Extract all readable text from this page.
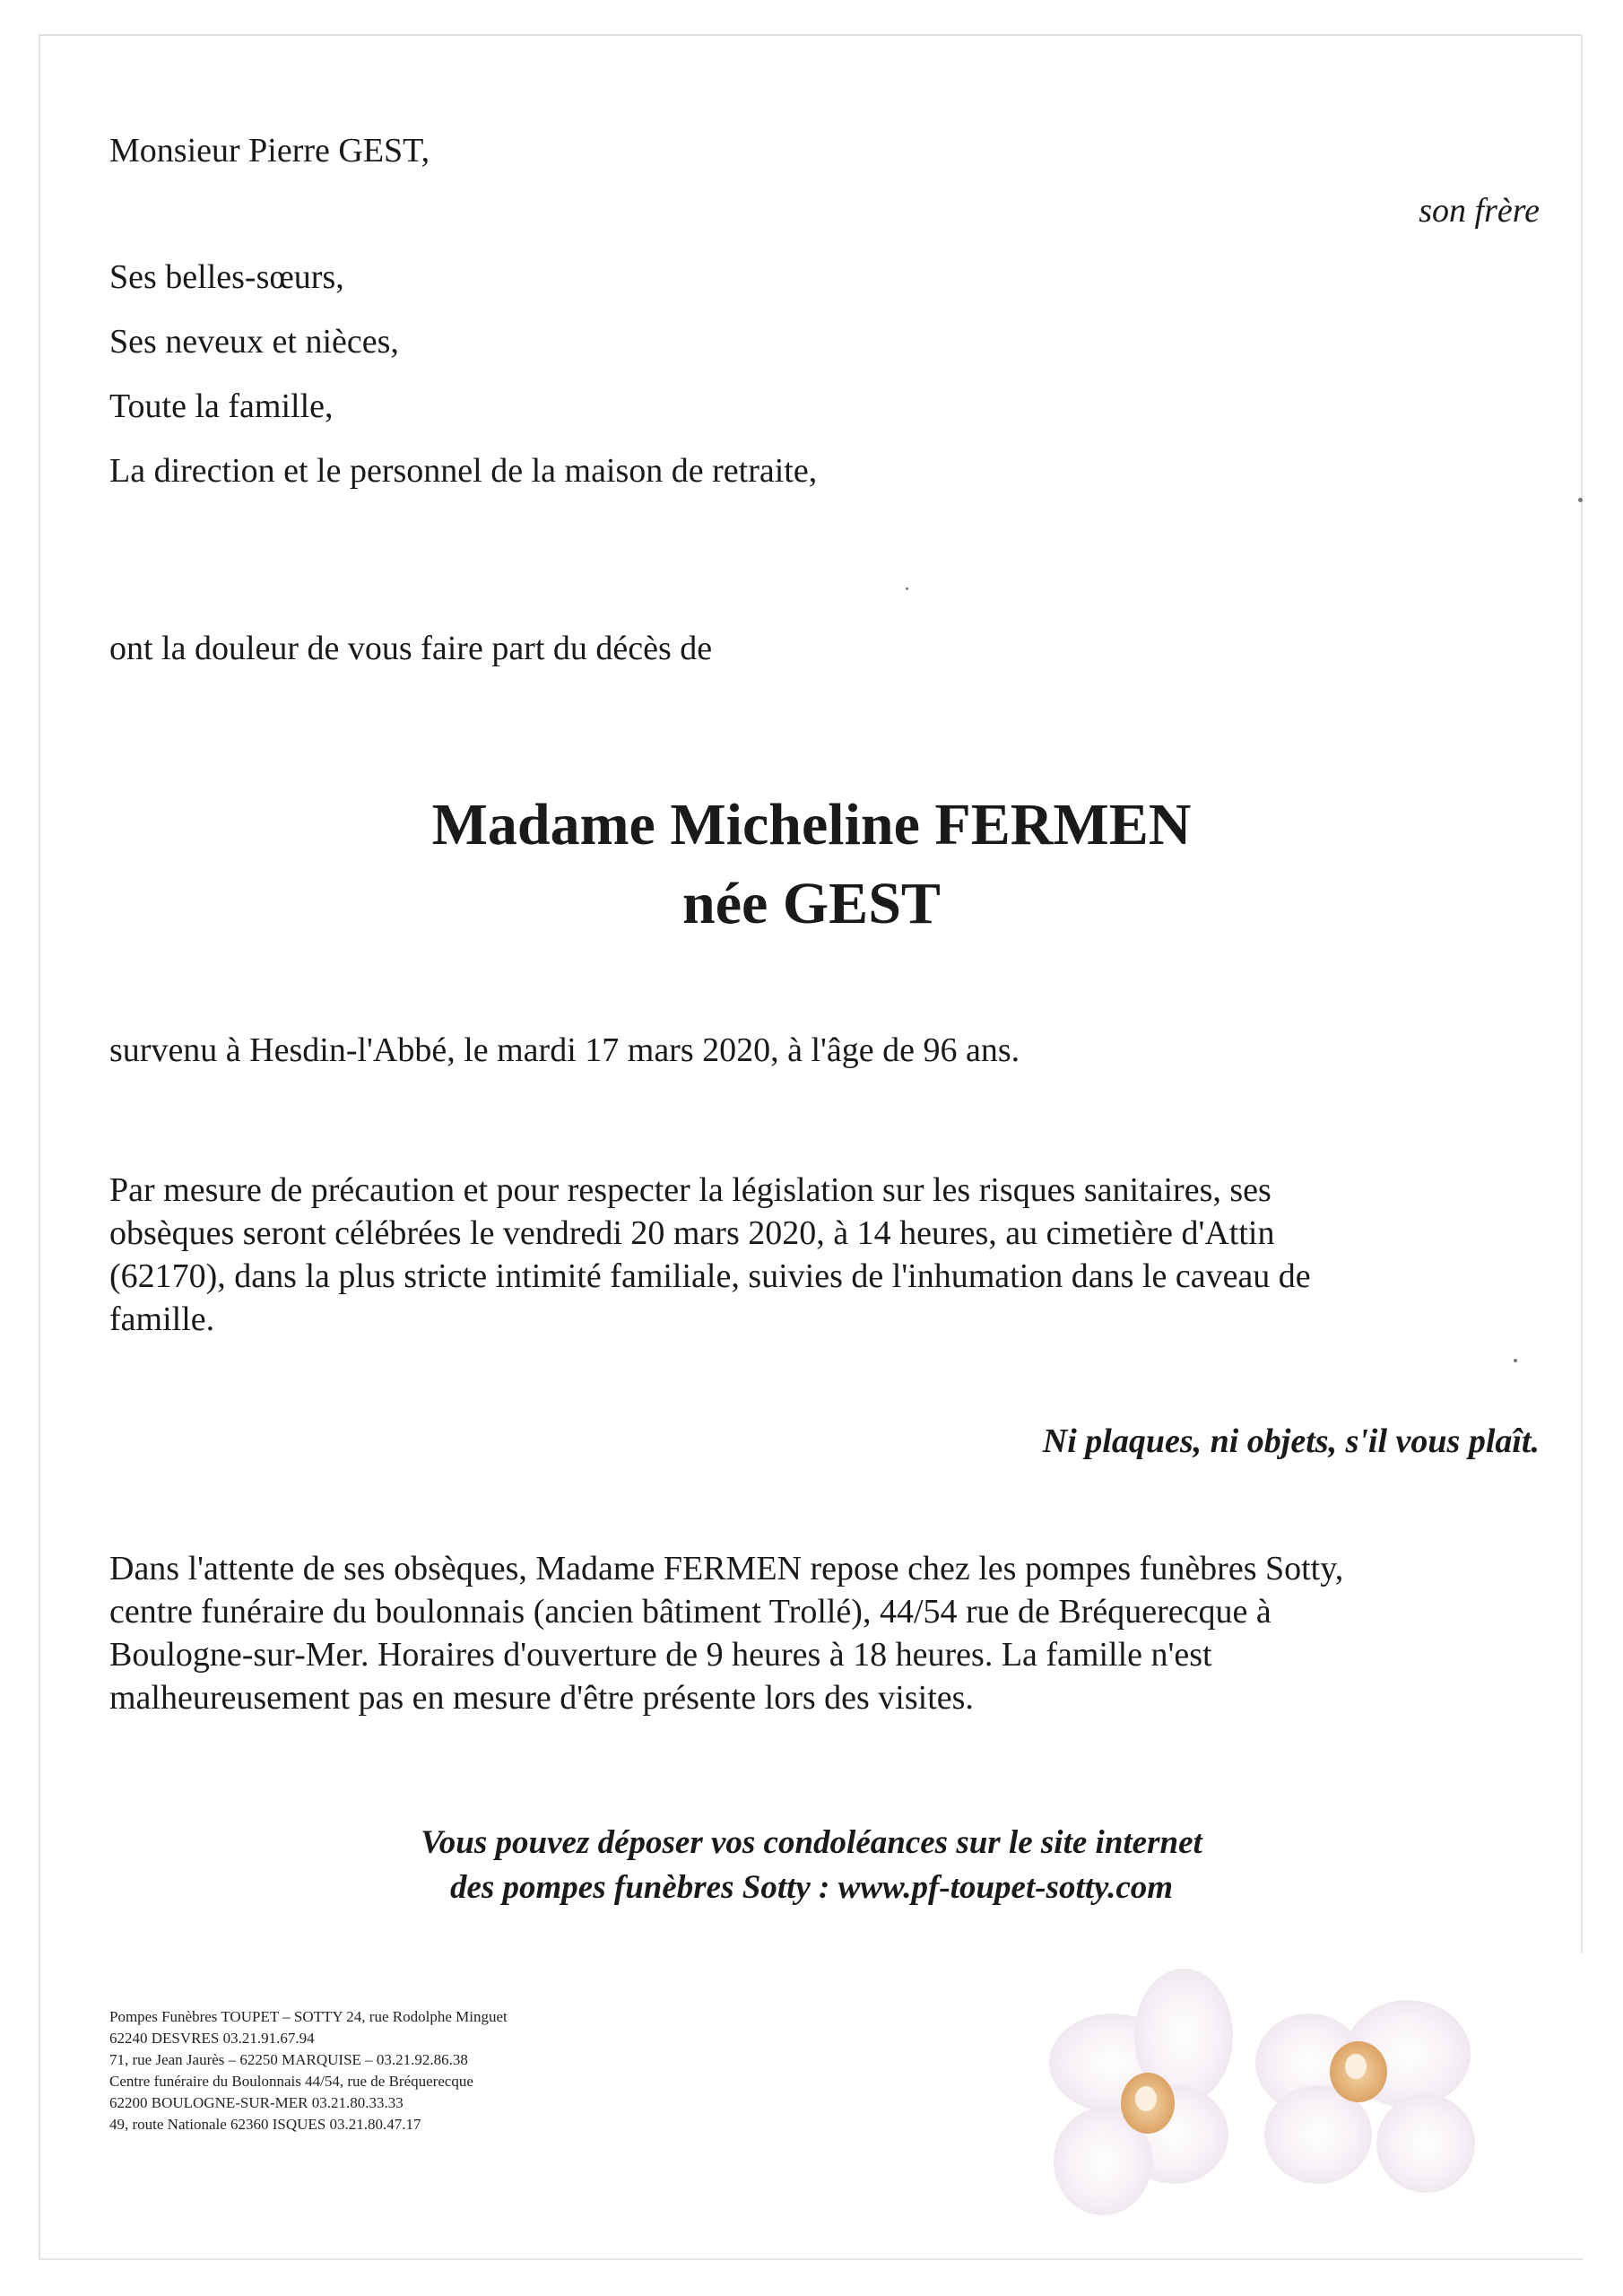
Monsieur Pierre GEST,
son frère
Ses belles-sœurs,
Ses neveux et nièces,
Toute la famille,
La direction et le personnel de la maison de retraite,
ont la douleur de vous faire part du décès de
Madame Micheline FERMEN
née GEST
survenu à Hesdin-l'Abbé, le mardi 17 mars 2020, à l'âge de 96 ans.
Par mesure de précaution et pour respecter la législation sur les risques sanitaires, ses
obsèques seront célébrées le vendredi 20 mars 2020, à 14 heures, au cimetière d'Attin
(62170), dans la plus stricte intimité familiale, suivies de l'inhumation dans le caveau de
famille.
Ni plaques, ni objets, s'il vous plaît.
Dans l'attente de ses obsèques, Madame FERMEN repose chez les pompes funèbres Sotty,
centre funéraire du boulonnais (ancien bâtiment Trollé), 44/54 rue de Bréquerecque à
Boulogne-sur-Mer. Horaires d'ouverture de 9 heures à 18 heures. La famille n'est
malheureusement pas en mesure d'être présente lors des visites.
Vous pouvez déposer vos condoléances sur le site internet
des pompes funèbres Sotty : www.pf-toupet-sotty.com
Pompes Funèbres TOUPET – SOTTY 24, rue Rodolphe Minguet
62240 DESVRES 03.21.91.67.94
71, rue Jean Jaurès – 62250 MARQUISE – 03.21.92.86.38
Centre funéraire du Boulonnais 44/54, rue de Bréquerecque
62200 BOULOGNE-SUR-MER 03.21.80.33.33
49, route Nationale 62360 ISQUES 03.21.80.47.17
